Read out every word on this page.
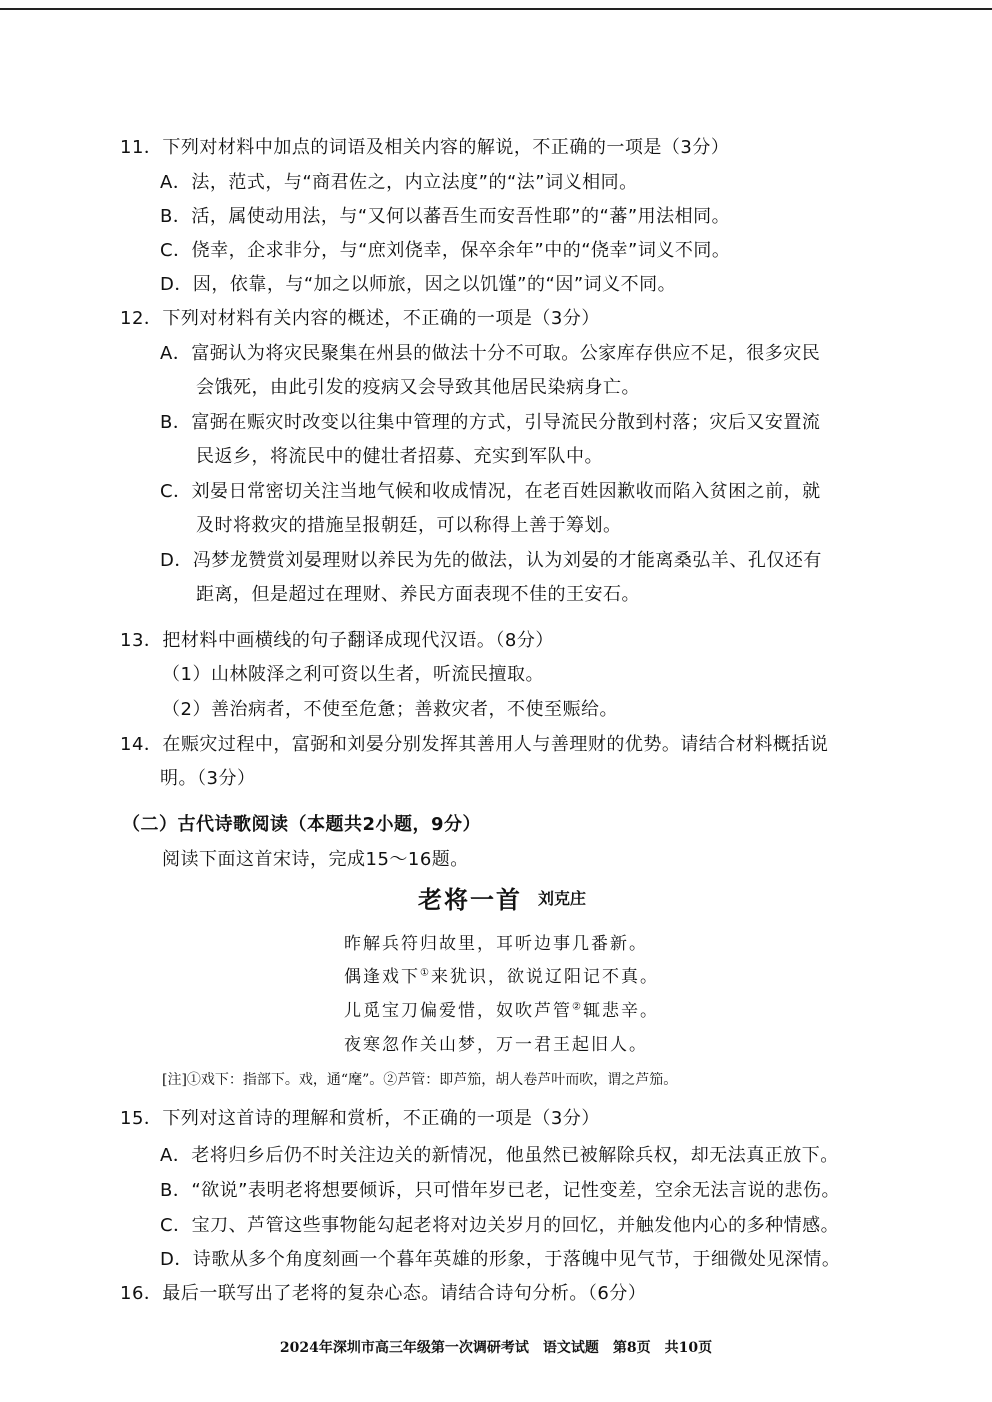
11．下列对材料中加点的词语及相关内容的解说，不正确的一项是（3分）
A．法，范式，与“商君佐之，内立法度”的“法”词义相同。
B．活，属使动用法，与“又何以蕃吾生而安吾性耶”的“蕃”用法相同。
C．侥幸，企求非分，与“庶刘侥幸，保卒余年”中的“侥幸”词义不同。
D．因，依靠，与“加之以师旅，因之以饥馑”的“因”词义不同。
12．下列对材料有关内容的概述，不正确的一项是（3分）
A．富弼认为将灾民聚集在州县的做法十分不可取。公家库存供应不足，很多灾民
会饿死，由此引发的疫病又会导致其他居民染病身亡。
B．富弼在赈灾时改变以往集中管理的方式，引导流民分散到村落；灾后又安置流
民返乡，将流民中的健壮者招募、充实到军队中。
C．刘晏日常密切关注当地气候和收成情况，在老百姓因歉收而陷入贫困之前，就
及时将救灾的措施呈报朝廷，可以称得上善于筹划。
D．冯梦龙赞赏刘晏理财以养民为先的做法，认为刘晏的才能离桑弘羊、孔仅还有
距离，但是超过在理财、养民方面表现不佳的王安石。
13．把材料中画横线的句子翻译成现代汉语。（8分）
（1）山林陂泽之利可资以生者，听流民擅取。
（2）善治病者，不使至危惫；善救灾者，不使至赈给。
14．在赈灾过程中，富弼和刘晏分别发挥其善用人与善理财的优势。请结合材料概括说
明。（3分）
（二）古代诗歌阅读（本题共2小题，9分）
阅读下面这首宋诗，完成15～16题。
老将一首 刘克庄
昨解兵符归故里，耳听边事几番新。
偶逢戏下①来犹识，欲说辽阳记不真。
儿觅宝刀偏爱惜，奴吹芦管②辄悲辛。
夜寒忽作关山梦，万一君王起旧人。
[注]①戏下：指部下。戏，通“麾”。②芦管：即芦笳，胡人卷芦叶而吹，谓之芦笳。
15．下列对这首诗的理解和赏析，不正确的一项是（3分）
A．老将归乡后仍不时关注边关的新情况，他虽然已被解除兵权，却无法真正放下。
B．“欲说”表明老将想要倾诉，只可惜年岁已老，记性变差，空余无法言说的悲伤。
C．宝刀、芦管这些事物能勾起老将对边关岁月的回忆，并触发他内心的多种情感。
D．诗歌从多个角度刻画一个暮年英雄的形象，于落魄中见气节，于细微处见深情。
16．最后一联写出了老将的复杂心态。请结合诗句分析。（6分）
2024年深圳市高三年级第一次调研考试　语文试题　第8页　共10页
